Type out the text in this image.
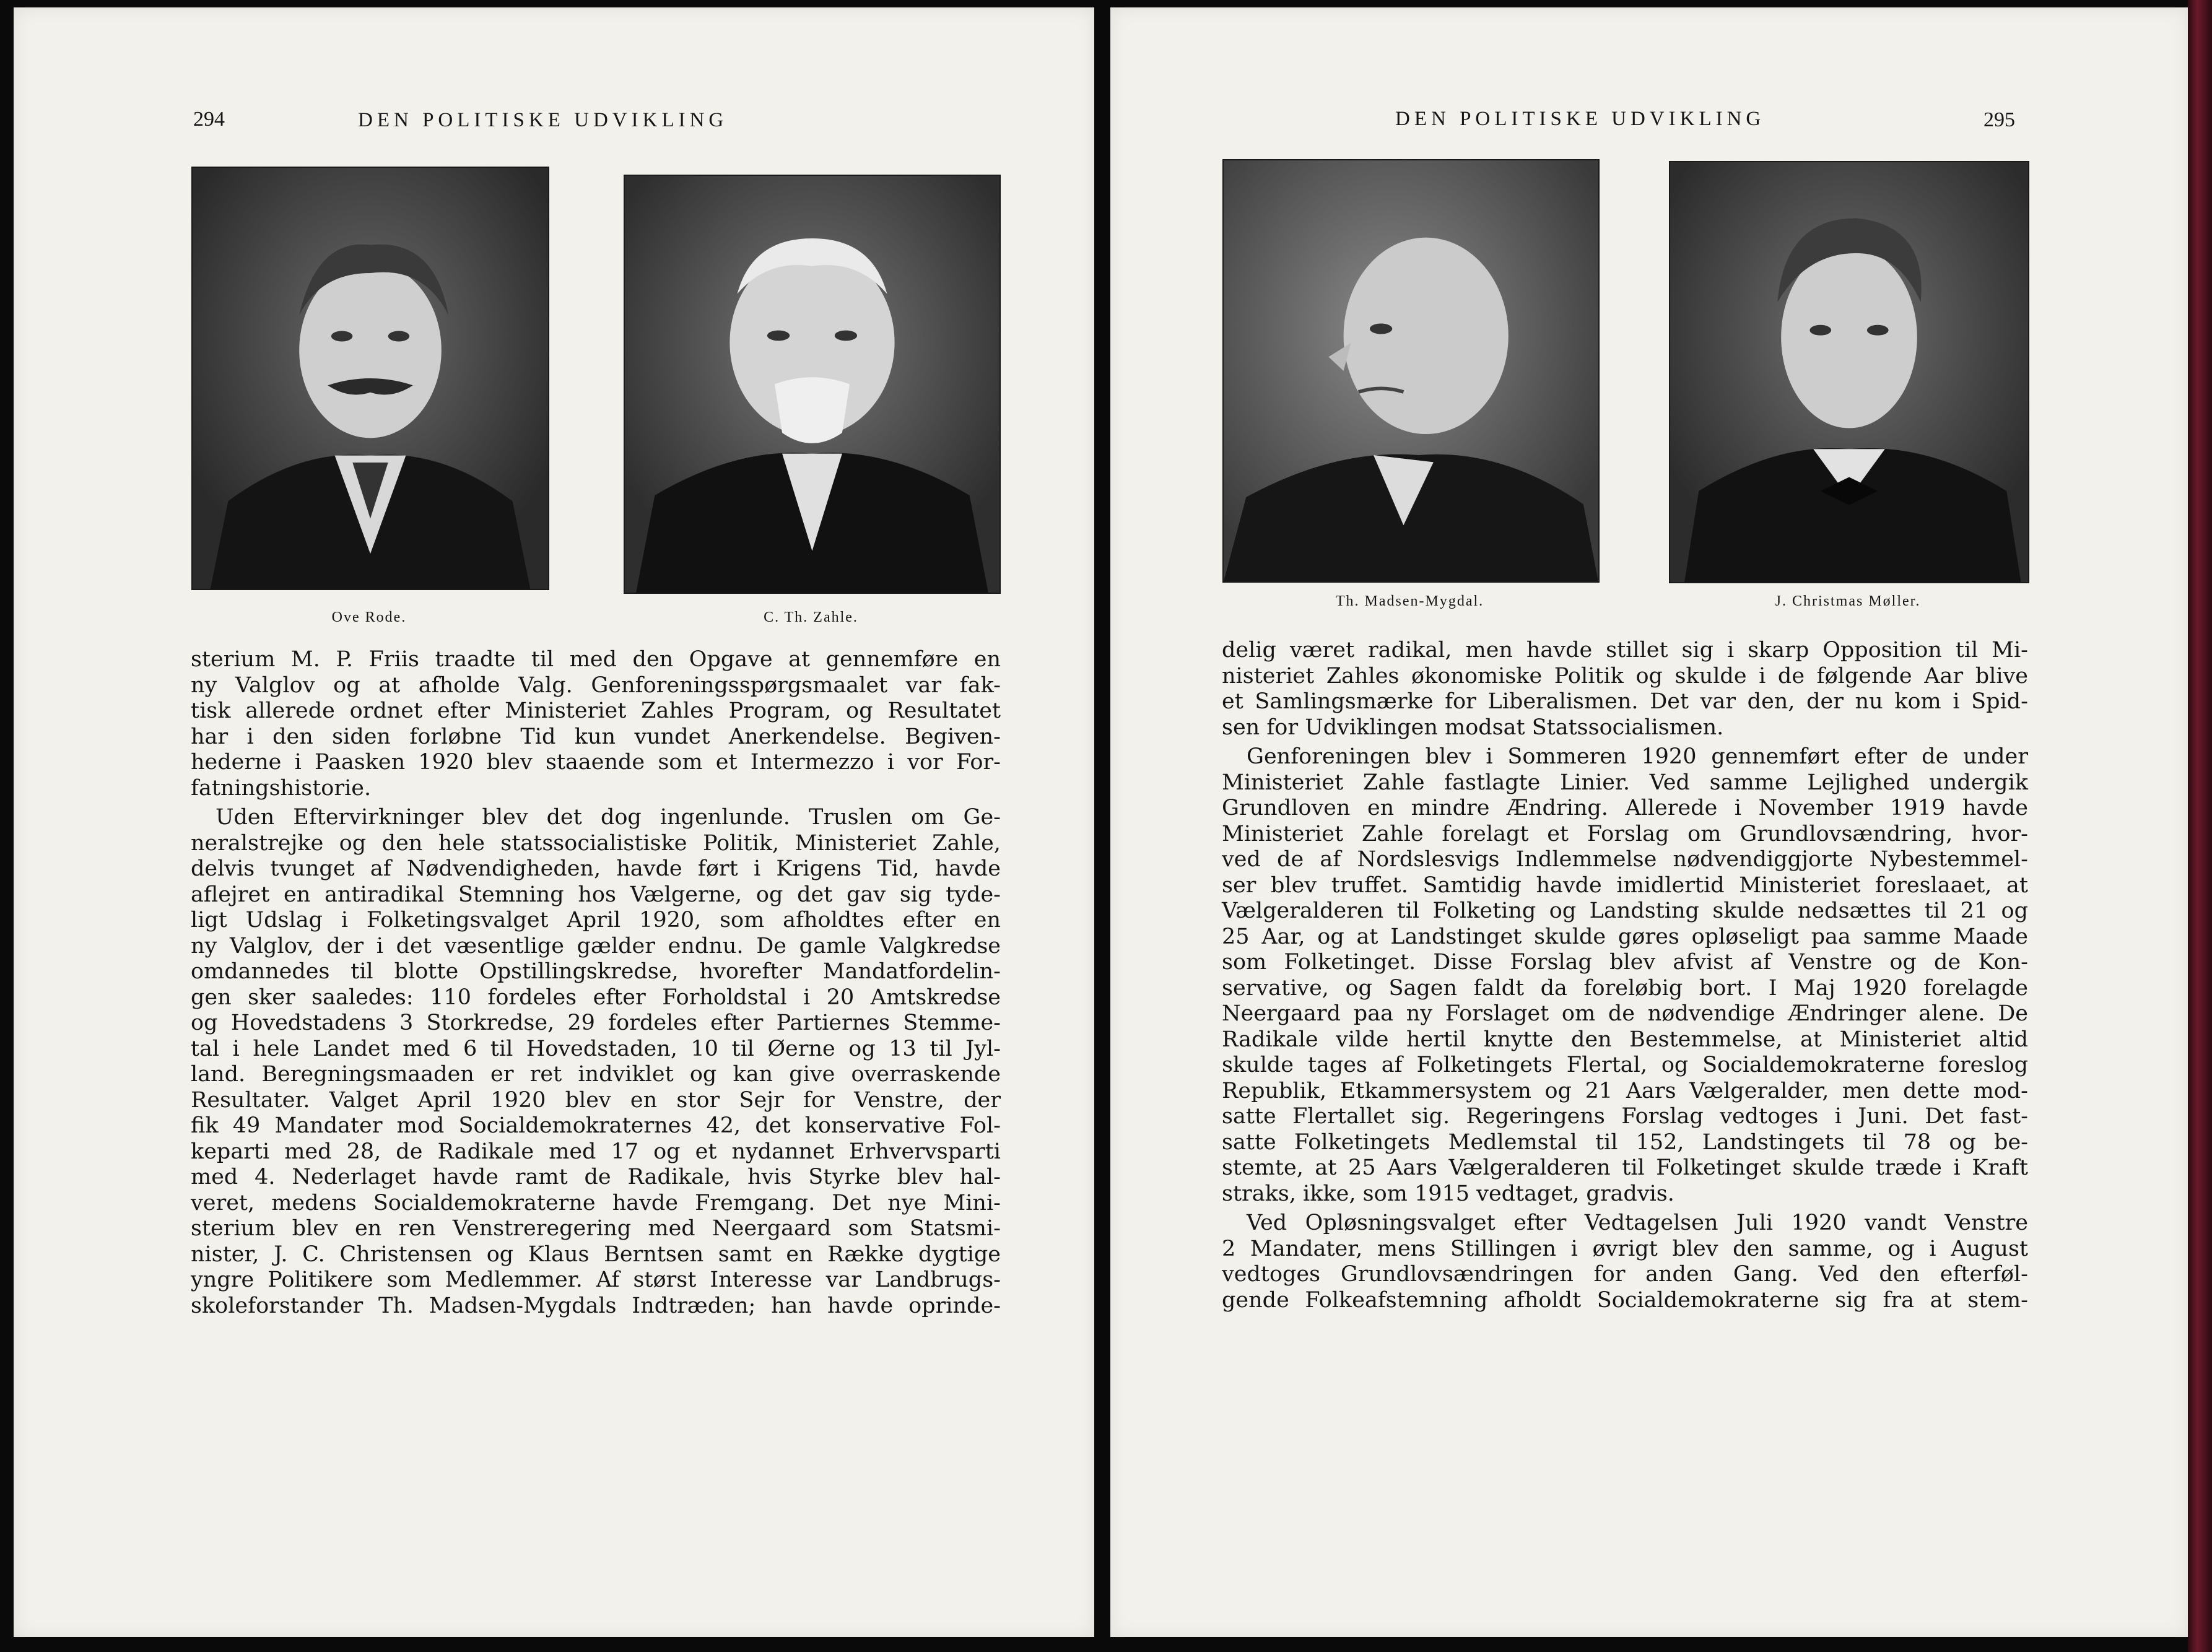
294	DEN POLITISKE UDVIKLING
Ove Rode.	C. Th. Zahle.
sterium M. P. Friis traadte til med den Opgave at gennemføre en
ny Valglov og at afholde Valg. Genforeningsspørgsmaalet var fak-
tisk allerede ordnet efter Ministeriet Zahles Program, og Resultatet
har i den siden forløbne Tid kun vundet Anerkendelse. Begiven-
hederne i Paasken 1920 blev staaende som et Intermezzo i vor For-
fatningshistorie.
Uden Eftervirkninger blev det dog ingenlunde. Truslen om Ge-
neralstrejke og den hele statssocialistiske Politik, Ministeriet Zahle,
delvis tvunget af Nødvendigheden, havde ført i Krigens Tid, havde
aflejret en antiradikal Stemning hos Vælgerne, og det gav sig tyde-
ligt Udslag i Folketingsvalget April 1920, som afholdtes efter en
ny Valglov, der i det væsentlige gælder endnu. De gamle Valgkredse
omdannedes til blotte Opstillingskredse, hvorefter Mandatfordelin-
gen sker saaledes: 110 fordeles efter Forholdstal i 20 Amtskredse
og Hovedstadens 3 Storkredse, 29 fordeles efter Partiernes Stemme-
tal i hele Landet med 6 til Hovedstaden, 10 til Øerne og 13 til Jyl-
land. Beregningsmaaden er ret indviklet og kan give overraskende
Resultater. Valget April 1920 blev en stor Sejr for Venstre, der
fik 49 Mandater mod Socialdemokraternes 42, det konservative Fol-
keparti med 28, de Radikale med 17 og et nydannet Erhvervsparti
med 4. Nederlaget havde ramt de Radikale, hvis Styrke blev hal-
veret, medens Socialdemokraterne havde Fremgang. Det nye Mini-
sterium blev en ren Venstreregering med Neergaard som Statsmi-
nister, J. C. Christensen og Klaus Berntsen samt en Række dygtige
yngre Politikere som Medlemmer. Af størst Interesse var Landbrugs-
skoleforstander Th. Madsen-Mygdals Indtræden; han havde oprinde-
DEN POLITISKE UDVIKLING	295
Th. Madsen-Mygdal.	J. Christmas Møller.
delig været radikal, men havde stillet sig i skarp Opposition til Mi-
nisteriet Zahles økonomiske Politik og skulde i de følgende Aar blive
et Samlingsmærke for Liberalismen. Det var den, der nu kom i Spid-
sen for Udviklingen modsat Statssocialismen.
Genforeningen blev i Sommeren 1920 gennemført efter de under
Ministeriet Zahle fastlagte Linier. Ved samme Lejlighed undergik
Grundloven en mindre Ændring. Allerede i November 1919 havde
Ministeriet Zahle forelagt et Forslag om Grundlovsændring, hvor-
ved de af Nordslesvigs Indlemmelse nødvendiggjorte Nybestemmel-
ser blev truffet. Samtidig havde imidlertid Ministeriet foreslaaet, at
Vælgeralderen til Folketing og Landsting skulde nedsættes til 21 og
25 Aar, og at Landstinget skulde gøres opløseligt paa samme Maade
som Folketinget. Disse Forslag blev afvist af Venstre og de Kon-
servative, og Sagen faldt da foreløbig bort. I Maj 1920 forelagde
Neergaard paa ny Forslaget om de nødvendige Ændringer alene. De
Radikale vilde hertil knytte den Bestemmelse, at Ministeriet altid
skulde tages af Folketingets Flertal, og Socialdemokraterne foreslog
Republik, Etkammersystem og 21 Aars Vælgeralder, men dette mod-
satte Flertallet sig. Regeringens Forslag vedtoges i Juni. Det fast-
satte Folketingets Medlemstal til 152, Landstingets til 78 og be-
stemte, at 25 Aars Vælgeralderen til Folketinget skulde træde i Kraft
straks, ikke, som 1915 vedtaget, gradvis.
Ved Opløsningsvalget efter Vedtagelsen Juli 1920 vandt Venstre
2 Mandater, mens Stillingen i øvrigt blev den samme, og i August
vedtoges Grundlovsændringen for anden Gang. Ved den efterføl-
gende Folkeafstemning afholdt Socialdemokraterne sig fra at stem-
